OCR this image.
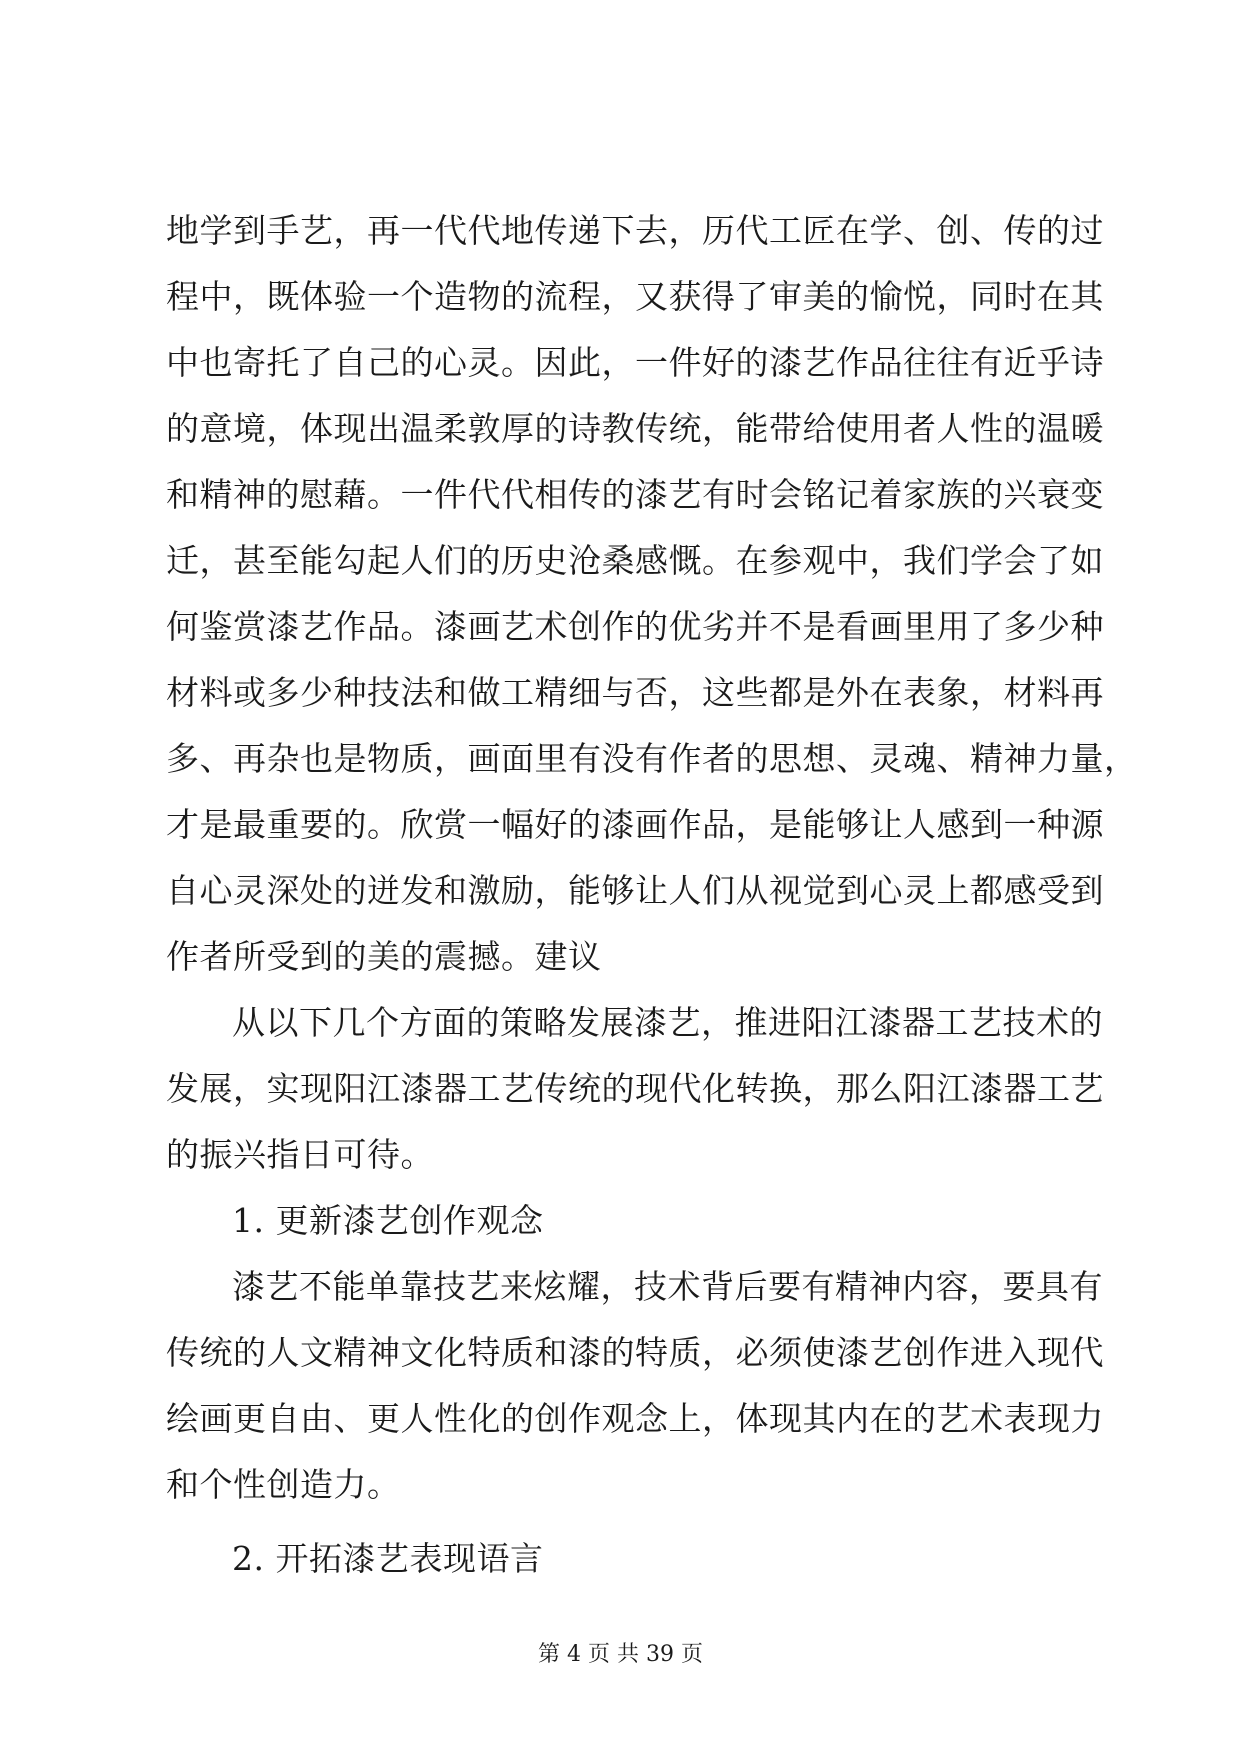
地学到手艺，再一代代地传递下去，历代工匠在学、创、传的过
程中，既体验一个造物的流程，又获得了审美的愉悦，同时在其
中也寄托了自己的心灵。因此，一件好的漆艺作品往往有近乎诗
的意境，体现出温柔敦厚的诗教传统，能带给使用者人性的温暖
和精神的慰藉。一件代代相传的漆艺有时会铭记着家族的兴衰变
迁，甚至能勾起人们的历史沧桑感慨。在参观中，我们学会了如
何鉴赏漆艺作品。漆画艺术创作的优劣并不是看画里用了多少种
材料或多少种技法和做工精细与否，这些都是外在表象，材料再
多、再杂也是物质，画面里有没有作者的思想、灵魂、精神力量，
才是最重要的。欣赏一幅好的漆画作品，是能够让人感到一种源
自心灵深处的迸发和激励，能够让人们从视觉到心灵上都感受到
作者所受到的美的震撼。建议
从以下几个方面的策略发展漆艺，推进阳江漆器工艺技术的
发展，实现阳江漆器工艺传统的现代化转换，那么阳江漆器工艺
的振兴指日可待。
1. 更新漆艺创作观念
漆艺不能单靠技艺来炫耀，技术背后要有精神内容，要具有
传统的人文精神文化特质和漆的特质，必须使漆艺创作进入现代
绘画更自由、更人性化的创作观念上，体现其内在的艺术表现力
和个性创造力。
2. 开拓漆艺表现语言
第 4 页 共 39 页
